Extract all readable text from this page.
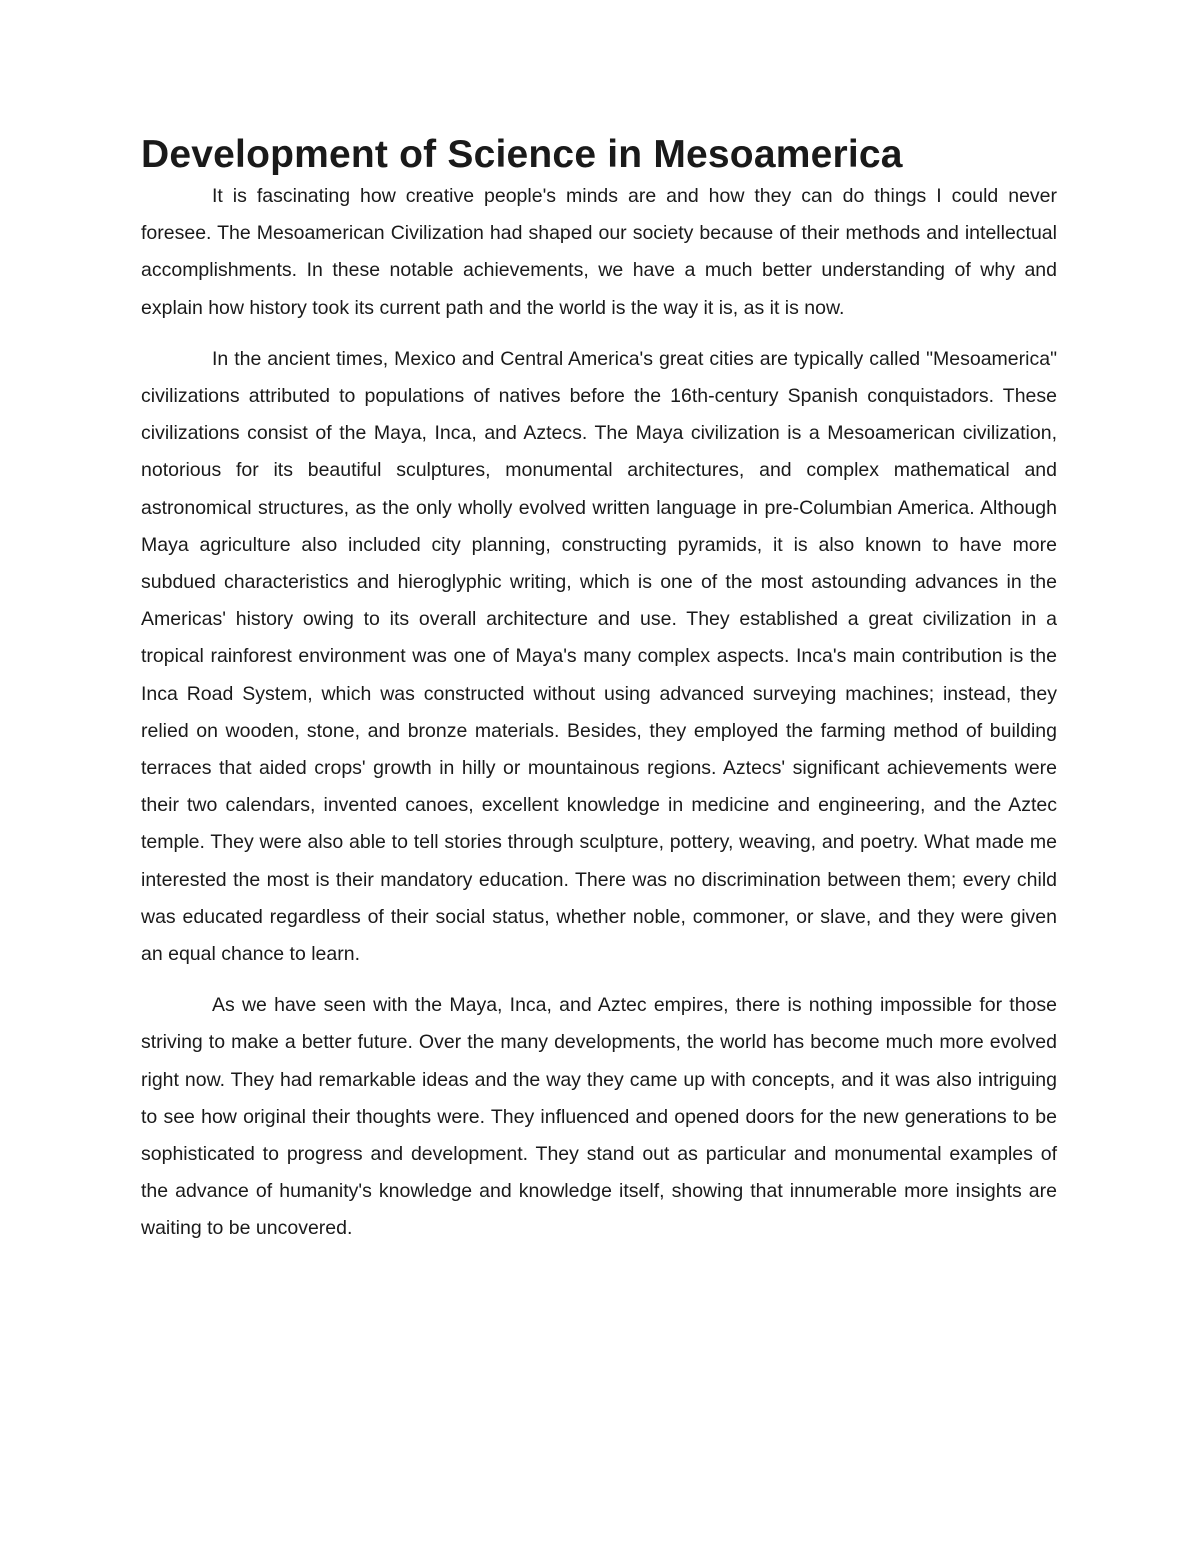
Development of Science in Mesoamerica

It is fascinating how creative people's minds are and how they can do things I could never foresee. The Mesoamerican Civilization had shaped our society because of their methods and intellectual accomplishments. In these notable achievements, we have a much better understanding of why and explain how history took its current path and the world is the way it is, as it is now.

In the ancient times, Mexico and Central America's great cities are typically called "Mesoamerica" civilizations attributed to populations of natives before the 16th-century Spanish conquistadors. These civilizations consist of the Maya, Inca, and Aztecs. The Maya civilization is a Mesoamerican civilization, notorious for its beautiful sculptures, monumental architectures, and complex mathematical and astronomical structures, as the only wholly evolved written language in pre-Columbian America. Although Maya agriculture also included city planning, constructing pyramids, it is also known to have more subdued characteristics and hieroglyphic writing, which is one of the most astounding advances in the Americas' history owing to its overall architecture and use. They established a great civilization in a tropical rainforest environment was one of Maya's many complex aspects. Inca's main contribution is the Inca Road System, which was constructed without using advanced surveying machines; instead, they relied on wooden, stone, and bronze materials. Besides, they employed the farming method of building terraces that aided crops' growth in hilly or mountainous regions. Aztecs' significant achievements were their two calendars, invented canoes, excellent knowledge in medicine and engineering, and the Aztec temple. They were also able to tell stories through sculpture, pottery, weaving, and poetry. What made me interested the most is their mandatory education. There was no discrimination between them; every child was educated regardless of their social status, whether noble, commoner, or slave, and they were given an equal chance to learn.

As we have seen with the Maya, Inca, and Aztec empires, there is nothing impossible for those striving to make a better future. Over the many developments, the world has become much more evolved right now. They had remarkable ideas and the way they came up with concepts, and it was also intriguing to see how original their thoughts were. They influenced and opened doors for the new generations to be sophisticated to progress and development. They stand out as particular and monumental examples of the advance of humanity's knowledge and knowledge itself, showing that innumerable more insights are waiting to be uncovered.
